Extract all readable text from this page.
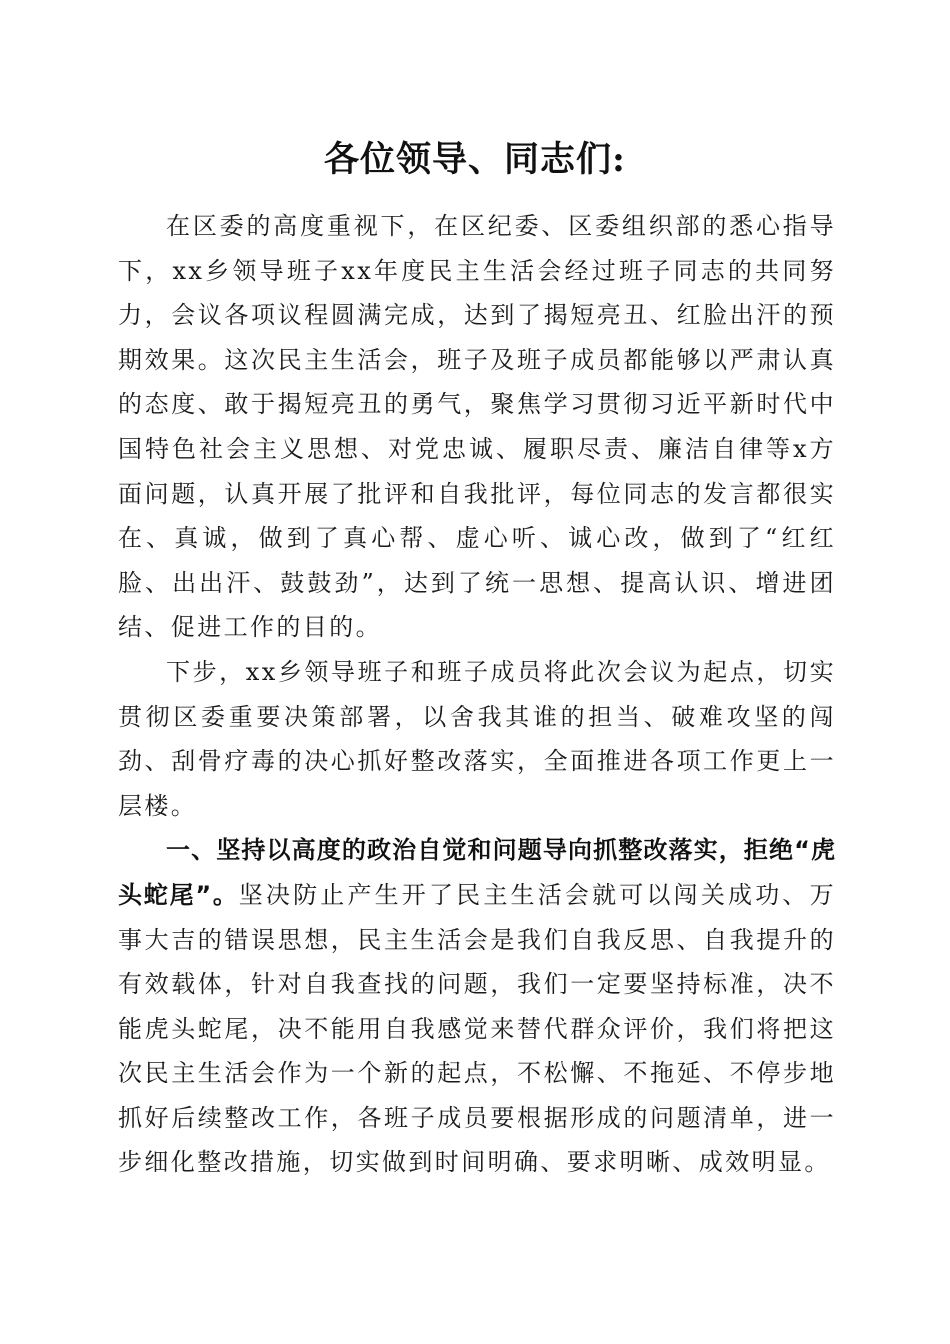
各位领导、同志们:

在区委的高度重视下，在区纪委、区委组织部的悉心指导下，xx乡领导班子xx年度民主生活会经过班子同志的共同努力，会议各项议程圆满完成，达到了揭短亮丑、红脸出汗的预期效果。这次民主生活会，班子及班子成员都能够以严肃认真的态度、敢于揭短亮丑的勇气，聚焦学习贯彻习近平新时代中国特色社会主义思想、对党忠诚、履职尽责、廉洁自律等x方面问题，认真开展了批评和自我批评，每位同志的发言都很实在、真诚，做到了真心帮、虚心听、诚心改，做到了“红红脸、出出汗、鼓鼓劲”，达到了统一思想、提高认识、增进团结、促进工作的目的。

下步，xx乡领导班子和班子成员将此次会议为起点，切实贯彻区委重要决策部署，以舍我其谁的担当、破难攻坚的闯劲、刮骨疗毒的决心抓好整改落实，全面推进各项工作更上一层楼。

一、坚持以高度的政治自觉和问题导向抓整改落实，拒绝“虎头蛇尾”。坚决防止产生开了民主生活会就可以闯关成功、万事大吉的错误思想，民主生活会是我们自我反思、自我提升的有效载体，针对自我查找的问题，我们一定要坚持标准，决不能虎头蛇尾，决不能用自我感觉来替代群众评价，我们将把这次民主生活会作为一个新的起点，不松懈、不拖延、不停步地抓好后续整改工作，各班子成员要根据形成的问题清单，进一步细化整改措施，切实做到时间明确、要求明晰、成效明显。
